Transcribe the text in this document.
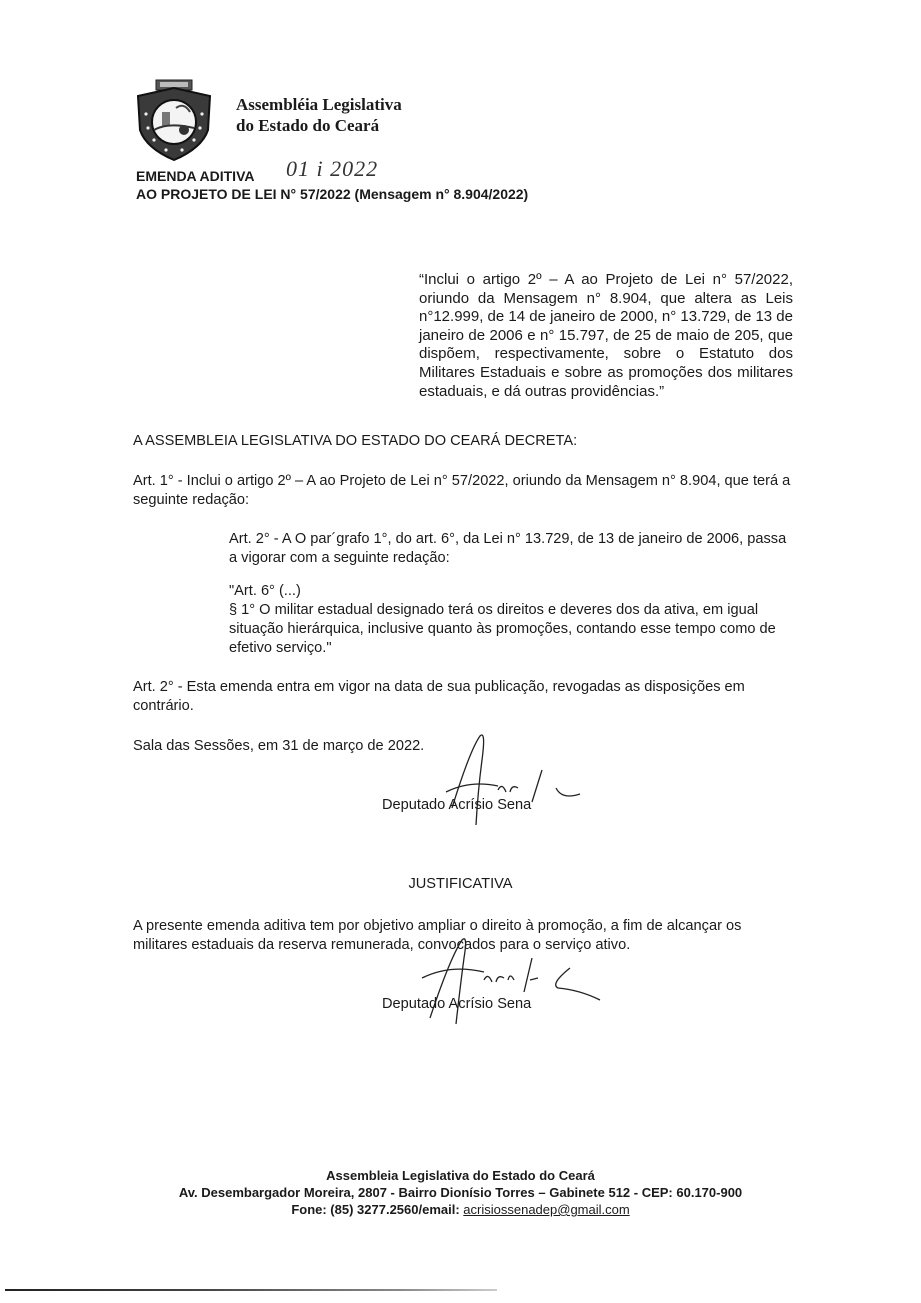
Assembléia Legislativa
do Estado do Ceará
EMENDA ADITIVA 01 i 2022
AO PROJETO DE LEI N° 57/2022 (Mensagem n° 8.904/2022)
“Inclui o artigo 2º – A ao Projeto de Lei n° 57/2022, oriundo da Mensagem n° 8.904, que altera as Leis n°12.999, de 14 de janeiro de 2000, n° 13.729, de 13 de janeiro de 2006 e n° 15.797, de 25 de maio de 205, que dispõem, respectivamente, sobre o Estatuto dos Militares Estaduais e sobre as promoções dos militares estaduais, e dá outras providências.”
A ASSEMBLEIA LEGISLATIVA DO ESTADO DO CEARÁ DECRETA:
Art. 1° - Inclui o artigo 2º – A ao Projeto de Lei n° 57/2022, oriundo da Mensagem n° 8.904, que terá a seguinte redação:
Art. 2° - A O par´grafo 1°, do art. 6°, da Lei n° 13.729, de 13 de janeiro de 2006, passa a vigorar com a seguinte redação:
"Art. 6° (...)
§ 1° O militar estadual designado terá os direitos e deveres dos da ativa, em igual situação hierárquica, inclusive quanto às promoções, contando esse tempo como de efetivo serviço."
Art. 2° - Esta emenda entra em vigor na data de sua publicação, revogadas as disposições em contrário.
Sala das Sessões, em 31 de março de 2022.
Deputado Acrísio Sena
JUSTIFICATIVA
A presente emenda aditiva tem por objetivo ampliar o direito à promoção, a fim de alcançar os militares estaduais da reserva remunerada, convocados para o serviço ativo.
Deputado Acrísio Sena
Assembleia Legislativa do Estado do Ceará
Av. Desembargador Moreira, 2807 - Bairro Dionísio Torres – Gabinete 512 - CEP: 60.170-900
Fone: (85) 3277.2560/email: acrisiossenadep@gmail.com
